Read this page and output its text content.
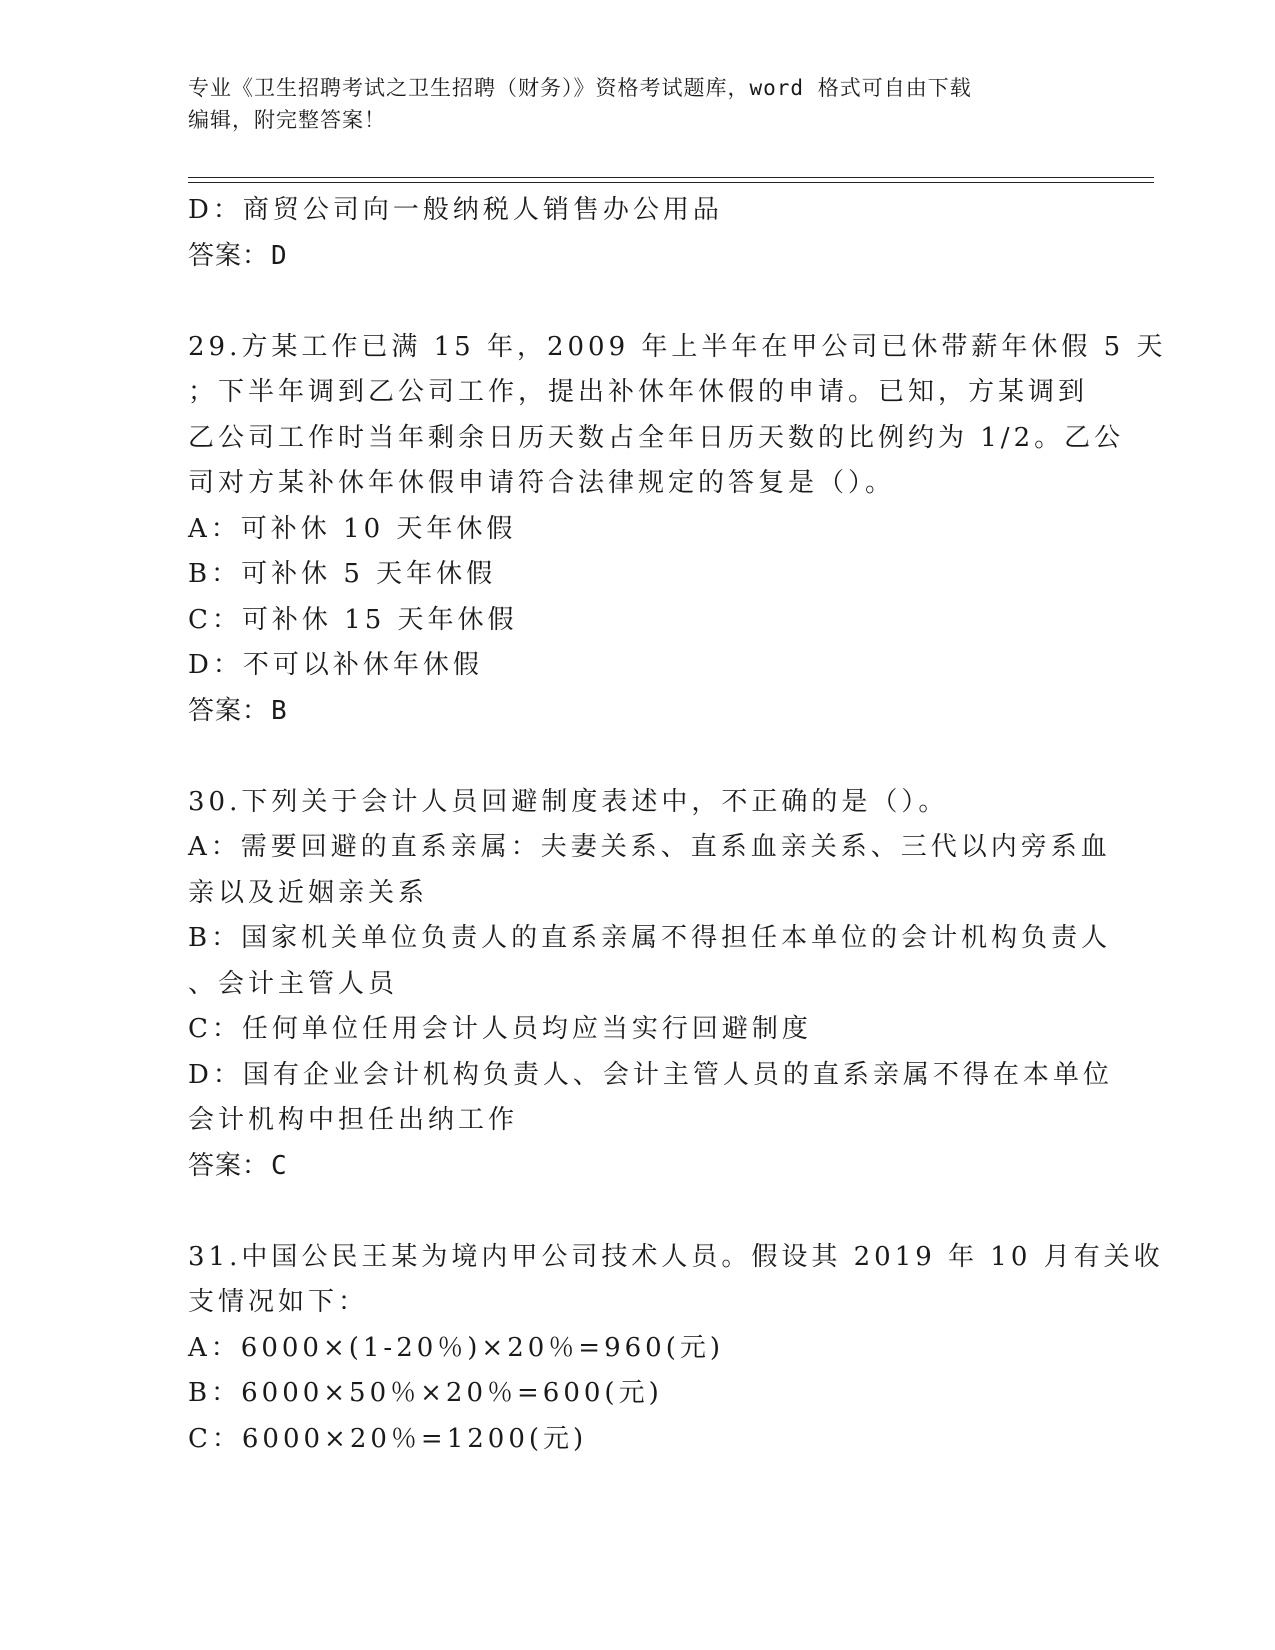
专业《卫生招聘考试之卫生招聘（财务）》资格考试题库，word 格式可自由下载
编辑，附完整答案！
D：商贸公司向一般纳税人销售办公用品
答案：D
29.方某工作已满 15 年，2009 年上半年在甲公司已休带薪年休假 5 天
；下半年调到乙公司工作，提出补休年休假的申请。已知，方某调到
乙公司工作时当年剩余日历天数占全年日历天数的比例约为 1/2。乙公
司对方某补休年休假申请符合法律规定的答复是（）。
A：可补休 10 天年休假
B：可补休 5 天年休假
C：可补休 15 天年休假
D：不可以补休年休假
答案：B
30.下列关于会计人员回避制度表述中，不正确的是（）。
A：需要回避的直系亲属：夫妻关系、直系血亲关系、三代以内旁系血
亲以及近姻亲关系
B：国家机关单位负责人的直系亲属不得担任本单位的会计机构负责人
、会计主管人员
C：任何单位任用会计人员均应当实行回避制度
D：国有企业会计机构负责人、会计主管人员的直系亲属不得在本单位
会计机构中担任出纳工作
答案：C
31.中国公民王某为境内甲公司技术人员。假设其 2019 年 10 月有关收
支情况如下：
A：6000×(1-20％)×20％=960(元)
B：6000×50％×20％=600(元)
C：6000×20％=1200(元)
